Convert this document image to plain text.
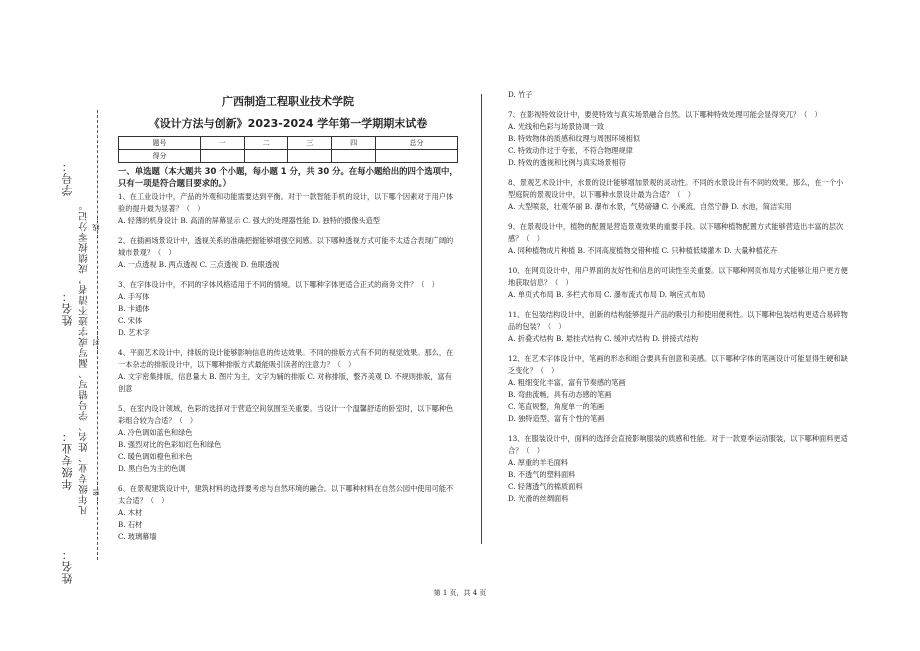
学号：
姓名：
年级专业：
姓名：
凡年级专业、姓名、学号错写、漏写或字迹不清者，成绩按零分记。 …线…
…封…
…密…
广西制造工程职业技术学院
《设计方法与创新》2023-2024 学年第一学期期末试卷
题号	一	二	三	四	总分
得分					
一、单选题（本大题共 30 个小题，每小题 1 分，共 30 分。在每小题给出的四个选项中，只有一项是符合题目要求的。）

1、在工业设计中，产品的外观和功能需要达到平衡。对于一款智能手机的设计，以下哪个因素对于用户体验的提升最为显著？（　）

A. 轻薄的机身设计 B. 高清的屏幕显示 C. 强大的处理器性能 D. 独特的摄像头造型

2、在插画场景设计中，透视关系的准确把握能够增强空间感。以下哪种透视方式可能不太适合表现广阔的城市景观？（　）

A. 一点透视 B. 两点透视 C. 三点透视 D. 鱼眼透视

3、在字体设计中，不同的字体风格适用于不同的情境。以下哪种字体更适合正式的商务文件？（　）

A. 手写体

B. 卡通体

C. 宋体

D. 艺术字

4、平面艺术设计中，排版的设计能够影响信息的传达效果。不同的排版方式有不同的视觉效果。那么，在一本杂志的排版设计中，以下哪种排版方式最能吸引读者的注意力？（　）

A. 文字密集排版，信息量大 B. 图片为主，文字为辅的排版 C. 对称排版，整齐美观 D. 不规则排版，富有创意

5、在室内设计领域，色彩的选择对于营造空间氛围至关重要。当设计一个温馨舒适的卧室时，以下哪种色彩组合较为合适？（　）

A. 冷色调如蓝色和绿色

B. 强烈对比的色彩如红色和绿色

C. 暖色调如橙色和米色

D. 黑白色为主的色调

6、在景观建筑设计中，建筑材料的选择要考虑与自然环境的融合。以下哪种材料在自然公园中使用可能不太合适？（　）

A. 木材

B. 石材

C. 玻璃幕墙

D. 竹子

7、在影视特效设计中，要使特效与真实场景融合自然。以下哪种特效处理可能会显得突兀？（　）

A. 光线和色彩与场景协调一致

B. 特效物体的质感和纹理与周围环境相似

C. 特效动作过于夸张，不符合物理规律

D. 特效的透视和比例与真实场景相符

8、景观艺术设计中，水景的设计能够增加景观的灵动性。不同的水景设计有不同的效果。那么，在一个小型庭院的景观设计中，以下哪种水景设计最为合适？（　）

A. 大型喷泉，壮观华丽 B. 瀑布水景，气势磅礴 C. 小溪流，自然宁静 D. 水池，简洁实用

9、在景观设计中，植物的配置是营造景观效果的重要手段。以下哪种植物配置方式能够营造出丰富的层次感？（　）

A. 同种植物成片种植 B. 不同高度植物交错种植 C. 只种植低矮灌木 D. 大量种植花卉

10、在网页设计中，用户界面的友好性和信息的可读性至关重要。以下哪种网页布局方式能够让用户更方便地获取信息？（　）

A. 单页式布局 B. 多栏式布局 C. 瀑布流式布局 D. 响应式布局

11、在包装结构设计中，创新的结构能够提升产品的吸引力和使用便利性。以下哪种包装结构更适合易碎物品的包装？（　）

A. 折叠式结构 B. 悬挂式结构 C. 缓冲式结构 D. 拼接式结构

12、在艺术字体设计中，笔画的形态和组合要具有创意和美感。以下哪种字体的笔画设计可能显得生硬和缺乏变化？（　）

A. 粗细变化丰富，富有节奏感的笔画

B. 弯曲流畅，具有动态感的笔画

C. 笔直规整，角度单一的笔画

D. 独特造型，富有个性的笔画

13、在服装设计中，面料的选择会直接影响服装的质感和性能。对于一款夏季运动服装，以下哪种面料更适合？（　）

A. 厚重的羊毛面料

B. 不透气的塑料面料

C. 轻薄透气的棉质面料

D. 光滑的丝绸面料

第 1 页，共 4 页
